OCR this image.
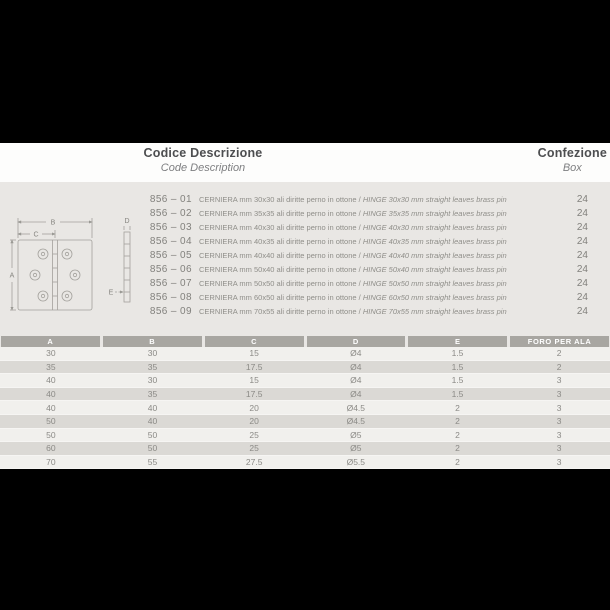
Codice Descrizione
Code Description
Confezione
Box
B
C
A
D
E
856 – 01 CERNIERA mm 30x30 ali diritte perno in ottone / HINGE 30x30 mm straight leaves brass pin	24
856 – 02 CERNIERA mm 35x35 ali diritte perno in ottone / HINGE 35x35 mm straight leaves brass pin	24
856 – 03 CERNIERA mm 40x30 ali diritte perno in ottone / HINGE 40x30 mm straight leaves brass pin	24
856 – 04 CERNIERA mm 40x35 ali diritte perno in ottone / HINGE 40x35 mm straight leaves brass pin	24
856 – 05 CERNIERA mm 40x40 ali diritte perno in ottone / HINGE 40x40 mm straight leaves brass pin	24
856 – 06 CERNIERA mm 50x40 ali diritte perno in ottone / HINGE 50x40 mm straight leaves brass pin	24
856 – 07 CERNIERA mm 50x50 ali diritte perno in ottone / HINGE 50x50 mm straight leaves brass pin	24
856 – 08 CERNIERA mm 60x50 ali diritte perno in ottone / HINGE 60x50 mm straight leaves brass pin	24
856 – 09 CERNIERA mm 70x55 ali diritte perno in ottone / HINGE 70x55 mm straight leaves brass pin	24
A	B	C	D	E	FORO PER ALA
30	30	15	Ø4	1.5	2
35	35	17.5	Ø4	1.5	2
40	30	15	Ø4	1.5	3
40	35	17.5	Ø4	1.5	3
40	40	20	Ø4.5	2	3
50	40	20	Ø4.5	2	3
50	50	25	Ø5	2	3
60	50	25	Ø5	2	3
70	55	27.5	Ø5.5	2	3
